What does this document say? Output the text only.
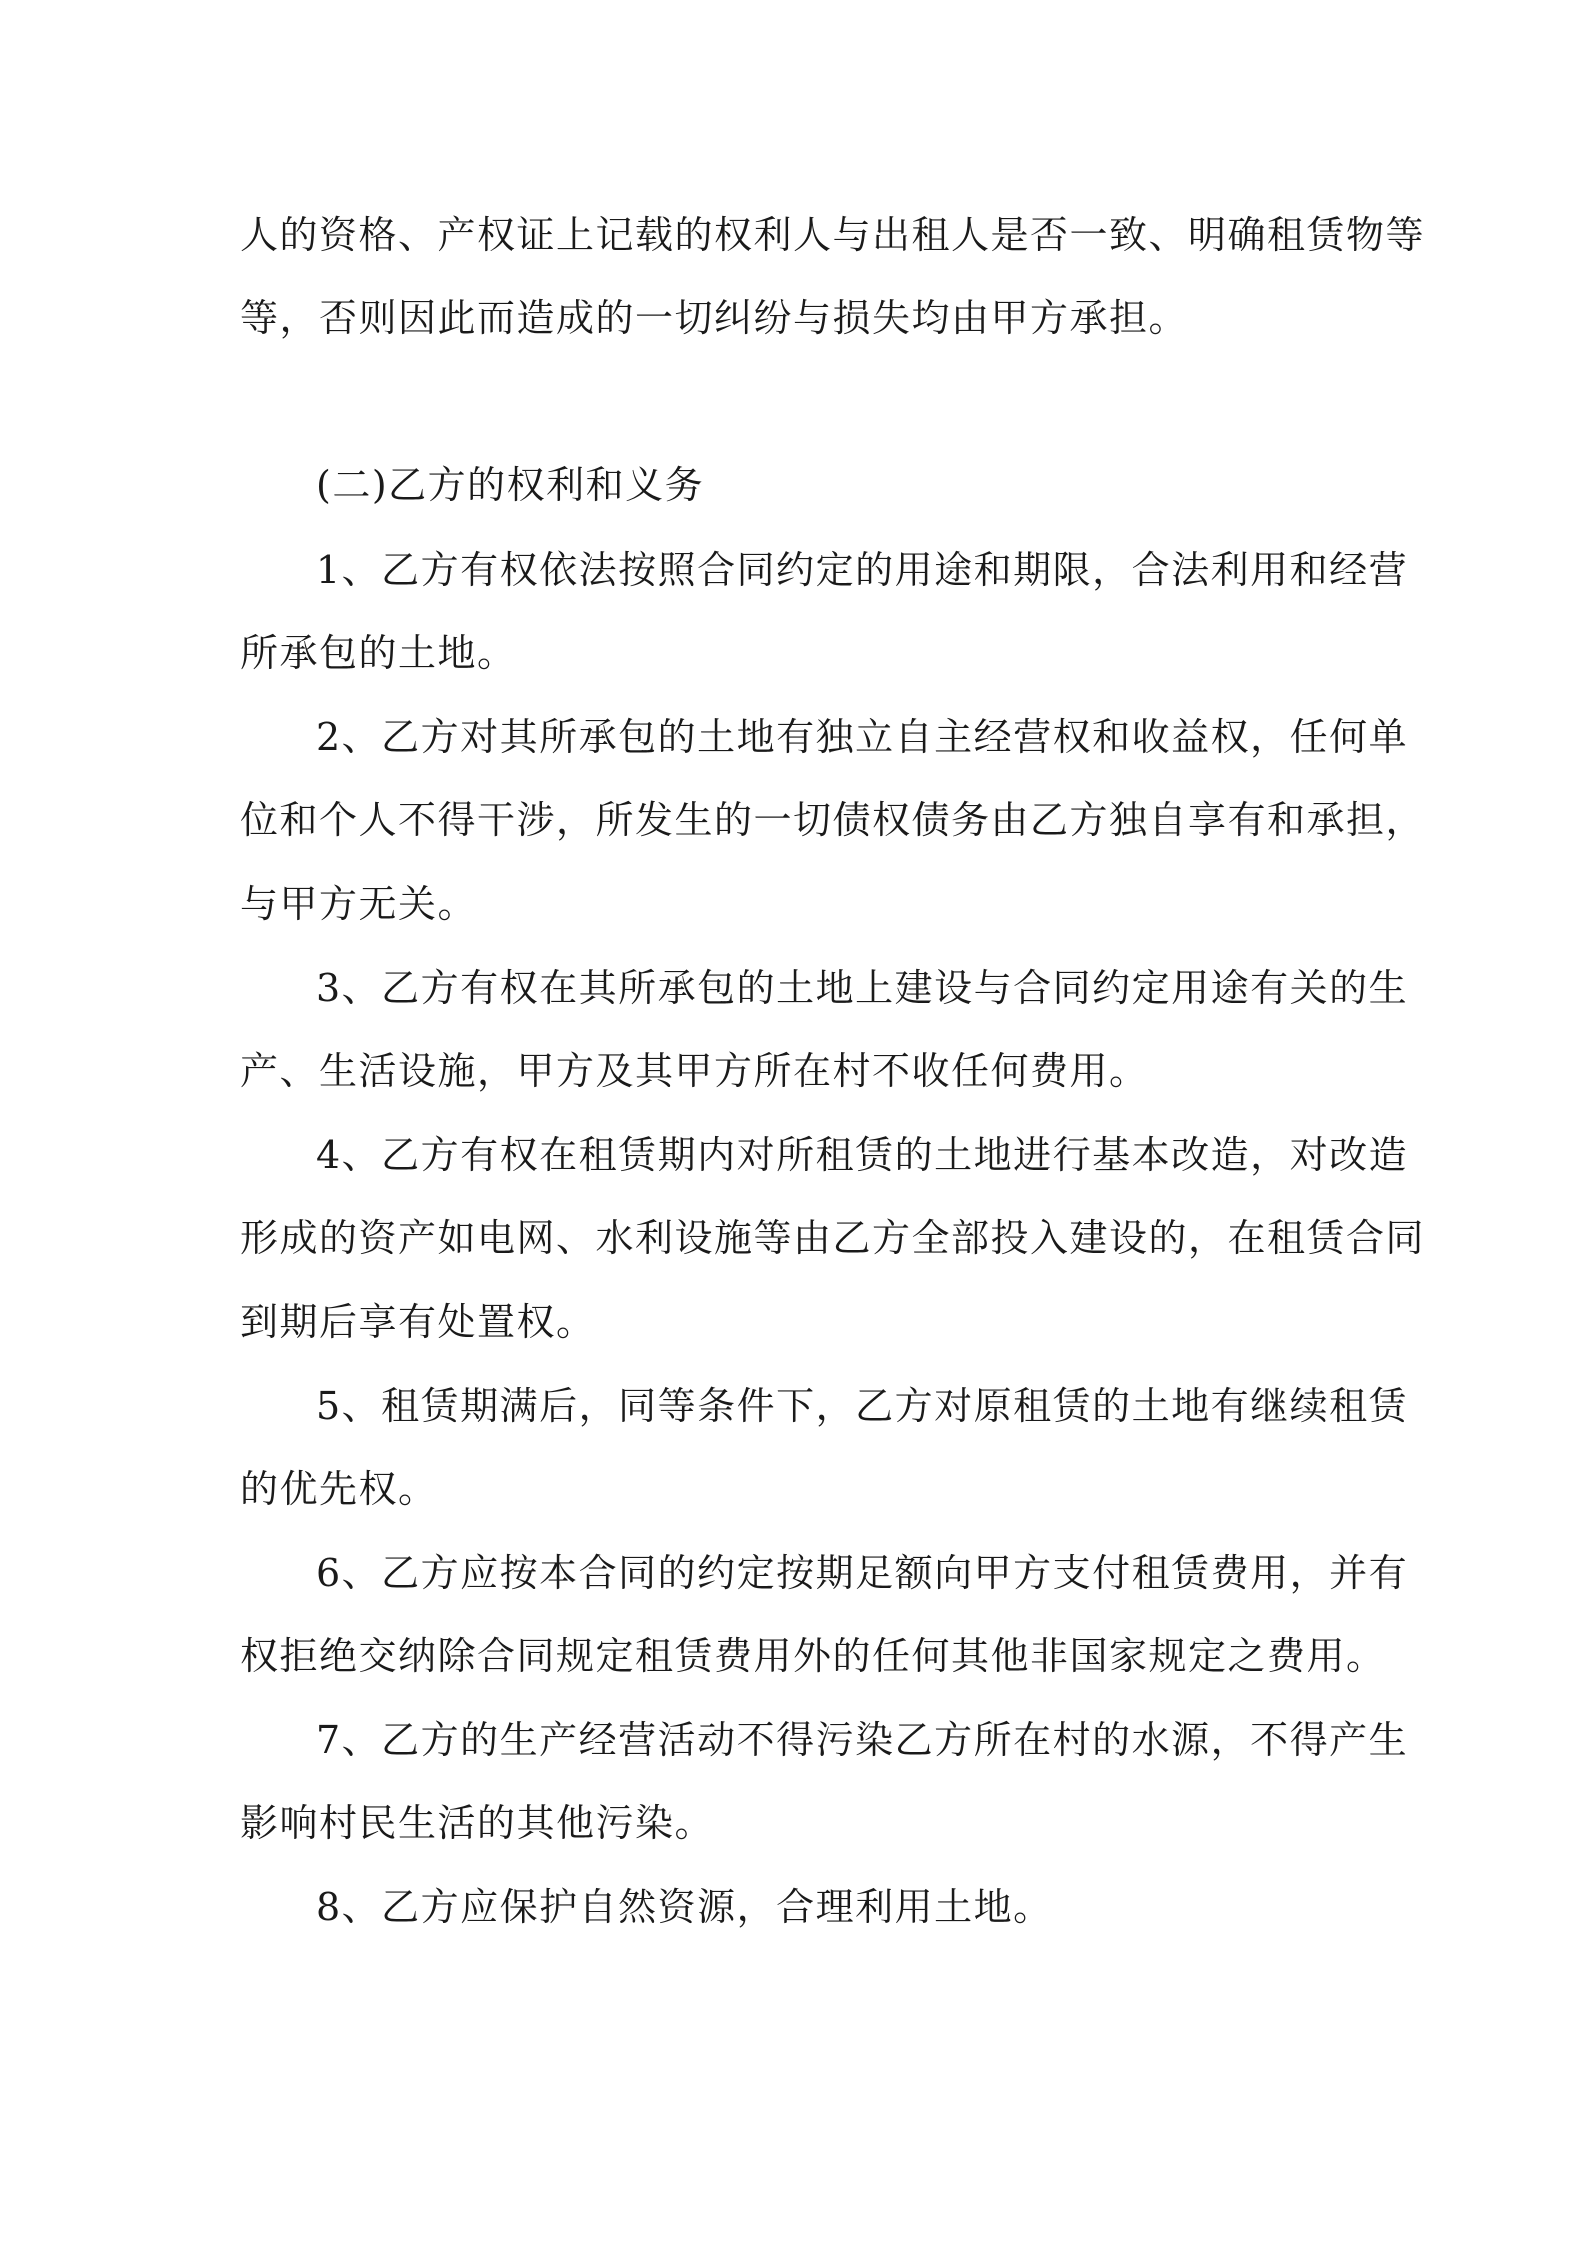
人的资格、产权证上记载的权利人与出租人是否一致、明确租赁物等
等，否则因此而造成的一切纠纷与损失均由甲方承担。
(二)乙方的权利和义务
1、乙方有权依法按照合同约定的用途和期限，合法利用和经营
所承包的土地。
2、乙方对其所承包的土地有独立自主经营权和收益权，任何单
位和个人不得干涉，所发生的一切债权债务由乙方独自享有和承担，
与甲方无关。
3、乙方有权在其所承包的土地上建设与合同约定用途有关的生
产、生活设施，甲方及其甲方所在村不收任何费用。
4、乙方有权在租赁期内对所租赁的土地进行基本改造，对改造
形成的资产如电网、水利设施等由乙方全部投入建设的，在租赁合同
到期后享有处置权。
5、租赁期满后，同等条件下，乙方对原租赁的土地有继续租赁
的优先权。
6、乙方应按本合同的约定按期足额向甲方支付租赁费用，并有
权拒绝交纳除合同规定租赁费用外的任何其他非国家规定之费用。
7、乙方的生产经营活动不得污染乙方所在村的水源，不得产生
影响村民生活的其他污染。
8、乙方应保护自然资源，合理利用土地。
